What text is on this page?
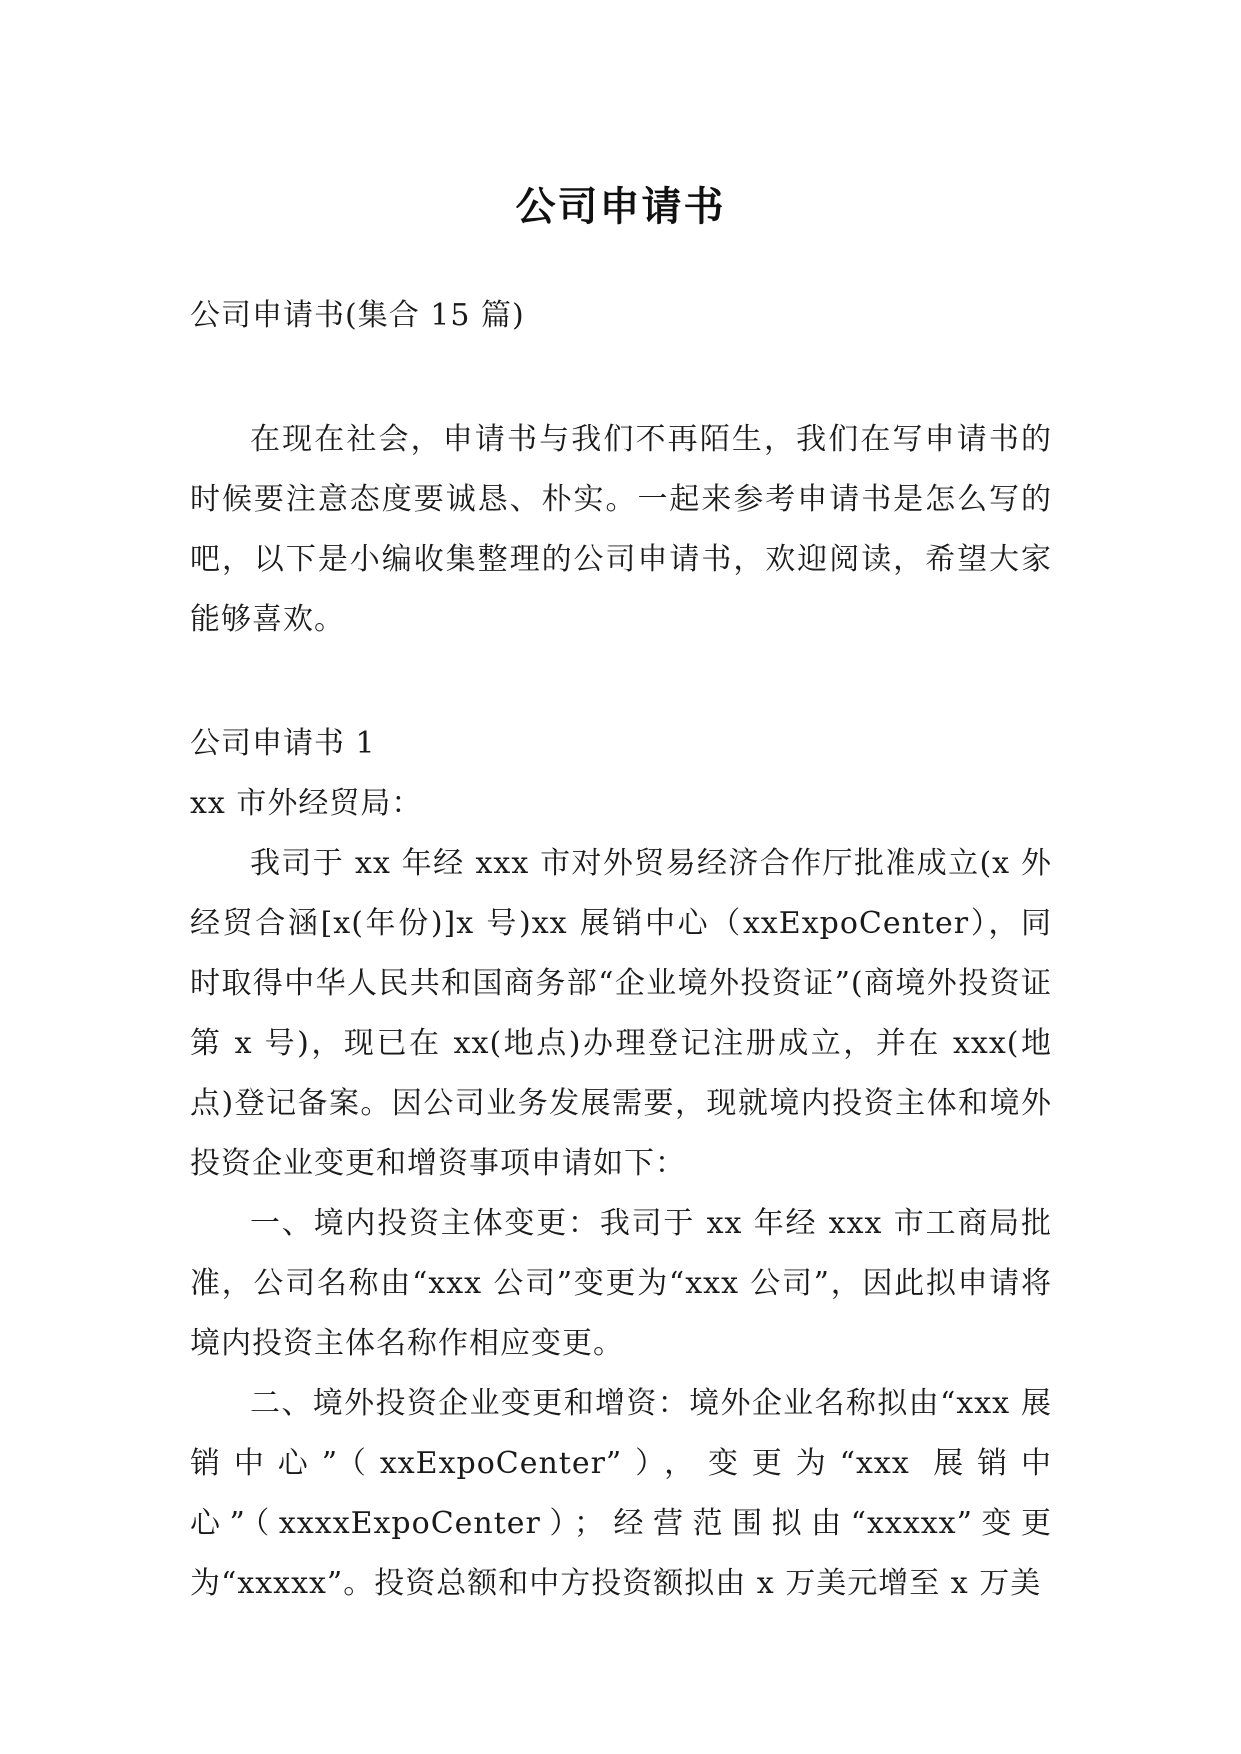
公司申请书

公司申请书(集合 15 篇)

在现在社会，申请书与我们不再陌生，我们在写申请书的时候要注意态度要诚恳、朴实。一起来参考申请书是怎么写的吧，以下是小编收集整理的公司申请书，欢迎阅读，希望大家能够喜欢。

公司申请书 1

xx 市外经贸局：

我司于 xx 年经 xxx 市对外贸易经济合作厅批准成立(x 外经贸合涵[x(年份)]x 号)xx 展销中心（xxExpoCenter），同时取得中华人民共和国商务部“企业境外投资证”(商境外投资证第 x 号)，现已在 xx(地点)办理登记注册成立，并在 xxx(地点)登记备案。因公司业务发展需要，现就境内投资主体和境外投资企业变更和增资事项申请如下：

一、境内投资主体变更：我司于 xx 年经 xxx 市工商局批准，公司名称由“xxx 公司”变更为“xxx 公司”，因此拟申请将境内投资主体名称作相应变更。

二、境外投资企业变更和增资：境外企业名称拟由“xxx 展销中心”（xxExpoCenter”），变更为“xxx 展销中心”（xxxxExpoCenter）；经营范围拟由“xxxxx”变更为“xxxxx”。投资总额和中方投资额拟由 x 万美元增至 x 万美
